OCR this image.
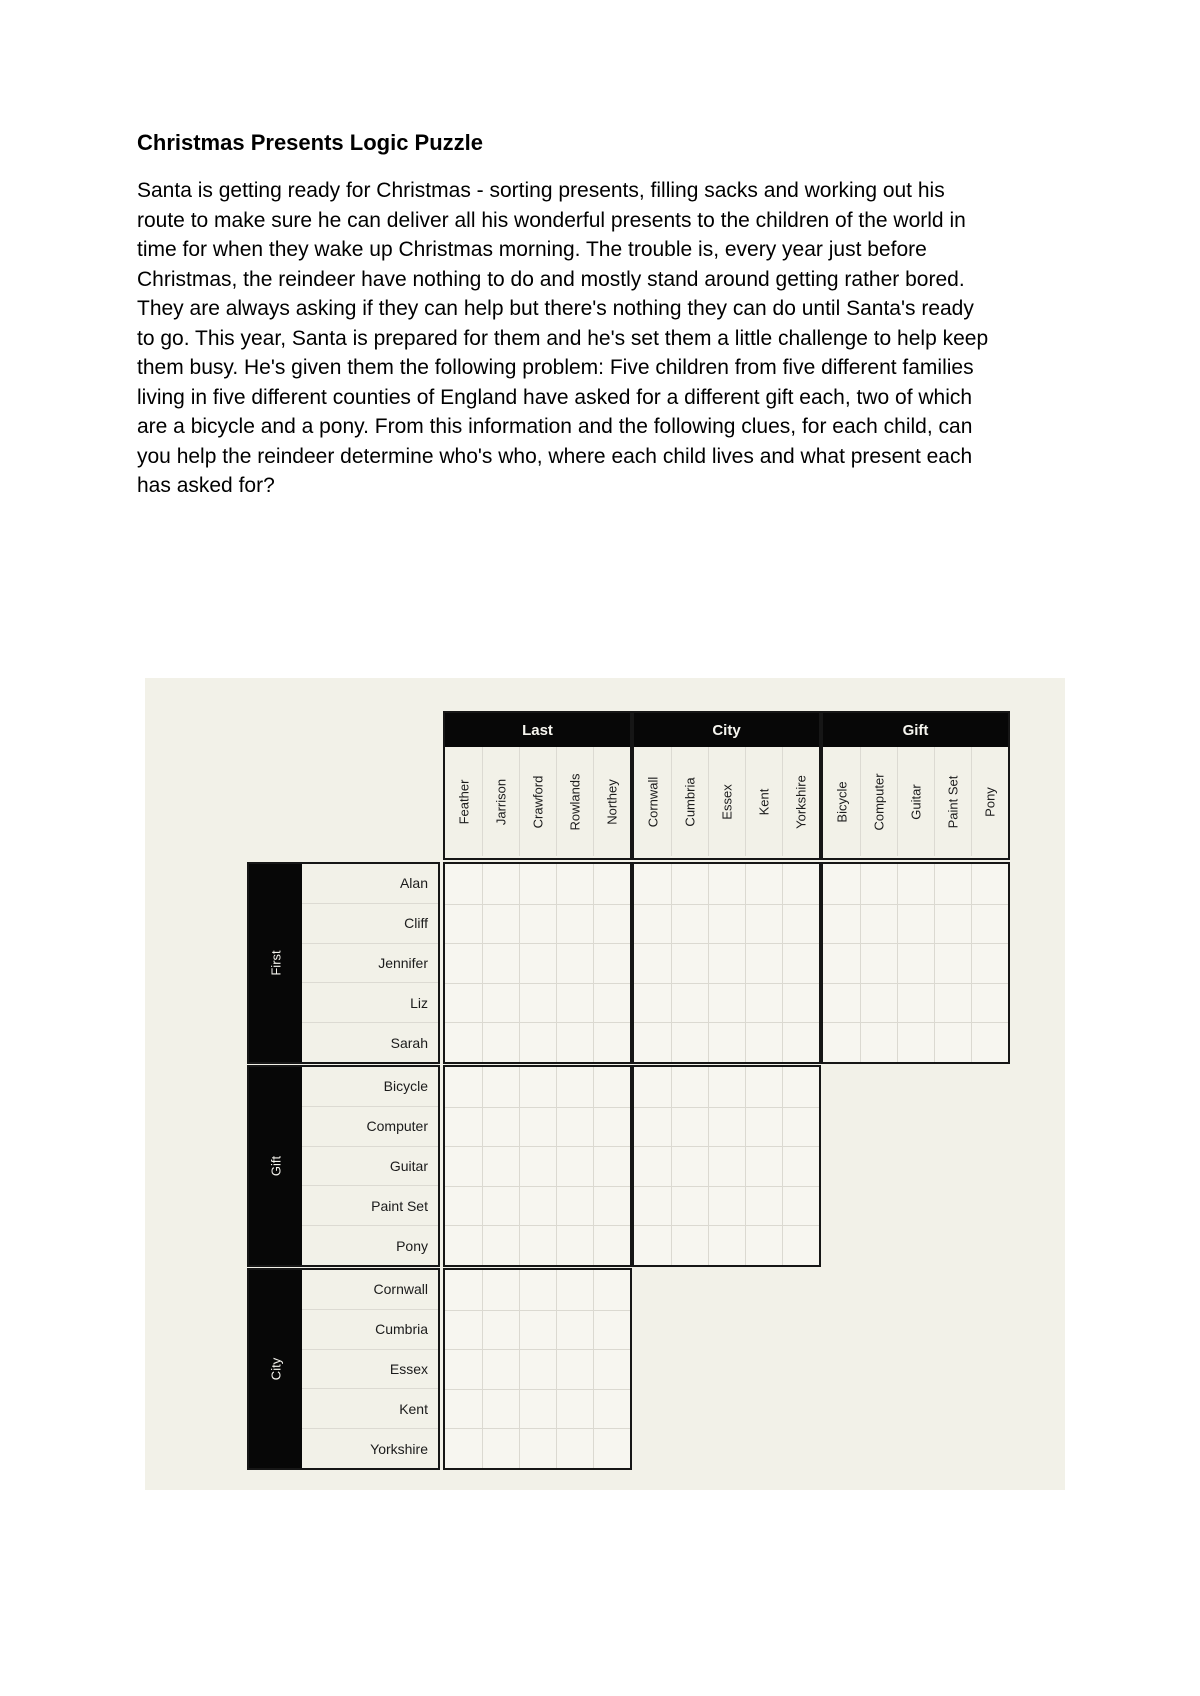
Christmas Presents Logic Puzzle

Santa is getting ready for Christmas - sorting presents, filling sacks and working out his route to make sure he can deliver all his wonderful presents to the children of the world in time for when they wake up Christmas morning. The trouble is, every year just before Christmas, the reindeer have nothing to do and mostly stand around getting rather bored. They are always asking if they can help but there's nothing they can do until Santa's ready to go. This year, Santa is prepared for them and he's set them a little challenge to help keep them busy. He's given them the following problem: Five children from five different families living in five different counties of England have asked for a different gift each, two of which are a bicycle and a pony. From this information and the following clues, for each child, can you help the reindeer determine who's who, where each child lives and what present each has asked for?

Last
Feather Jarrison Crawford Rowlands Northey
City
Cornwall Cumbria Essex Kent Yorkshire
Gift
Bicycle Computer Guitar Paint Set Pony
First
Alan
Cliff
Jennifer
Liz
Sarah
Gift
Bicycle
Computer
Guitar
Paint Set
Pony
City
Cornwall
Cumbria
Essex
Kent
Yorkshire
